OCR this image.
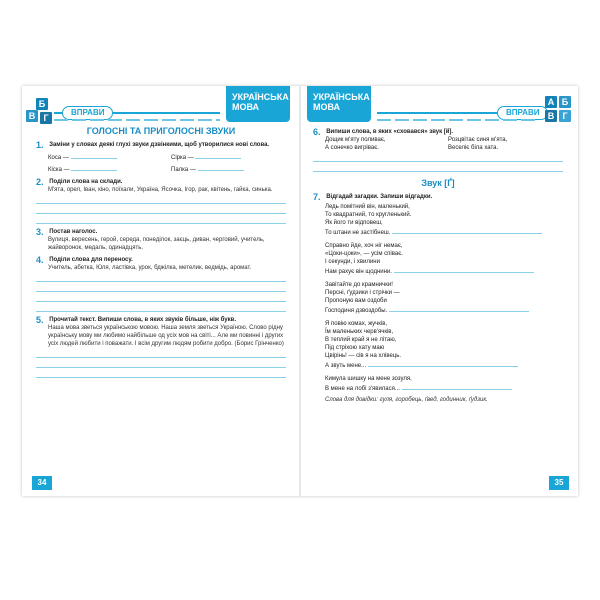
Б
В Г
ВПРАВИ
УКРАЇНСЬКА МОВА
ГОЛОСНІ ТА ПРИГОЛОСНІ ЗВУКИ
1. Заміни у словах деякі глухі звуки дзвінкими, щоб утворилися нові слова.
Коса —	Сірка —
Кіска —	Палка —
2. Поділи слова на склади.
М'ята, орел, Іван, кіно, поїхали, Україна, Ясочка, Ігор, рак, квітень, гайка, синька.
3. Постав наголос.
Вулиця, вересень, герой, середа, понеділок, заєць, диван, черговий, учитель, жайворонок, медаль, одинадцять.
4. Поділи слова для переносу.
Учитель, абетка, Юля, ластівка, урок, бджілка, метелик, ведмідь, аромат.
5. Прочитай текст. Випиши слова, в яких звуків більше, ніж букв.
Наша мова зветься українською мовою. Наша земля зветься Україною. Слово рідну українську мову ми любимо найбільше од усіх мов на світі... Але ми повинні і других усіх людей любити і поважати. І всім другим людям робити добро. (Борис Грінченко)
34
УКРАЇНСЬКА МОВА
ВПРАВИ
А Б
В Г
6. Випиши слова, в яких «сховався» звук [й].
Дощик м'яту поливає,
А сонечко вигріває.
Розцвітає синя м'ята,
Веселіє біла хата.
Звук [Ґ]
7. Відгадай загадки. Запиши відгадки.
Ледь помітний він, маленький,
То квадратний, то кругленький.
Як його ти відповеш,
То штани не застібнеш.
Справно йде, хоч ніг немає,
«Цоки-цоки», — усім співає.
І секунди, і хвилини
Нам рахує він щоднини.
Завітайте до крамнички!
Персні, ґудзики і стрічки —
Пропоную вам оздоби
Господиня дзвоздобы.
Я повію комах, жучків,
Їм маленьких черв'ячків,
В теплий край я не літаю,
Під стріхою хату маю
Цвірінь! — сів я на хлівець.
А звуть мене...
Кимула шишку на мене зозуля,
В мене на лобі з'явилася...
Слова для довідки: гуля, горобець, ґвед, годинник, ґудзик.
35
